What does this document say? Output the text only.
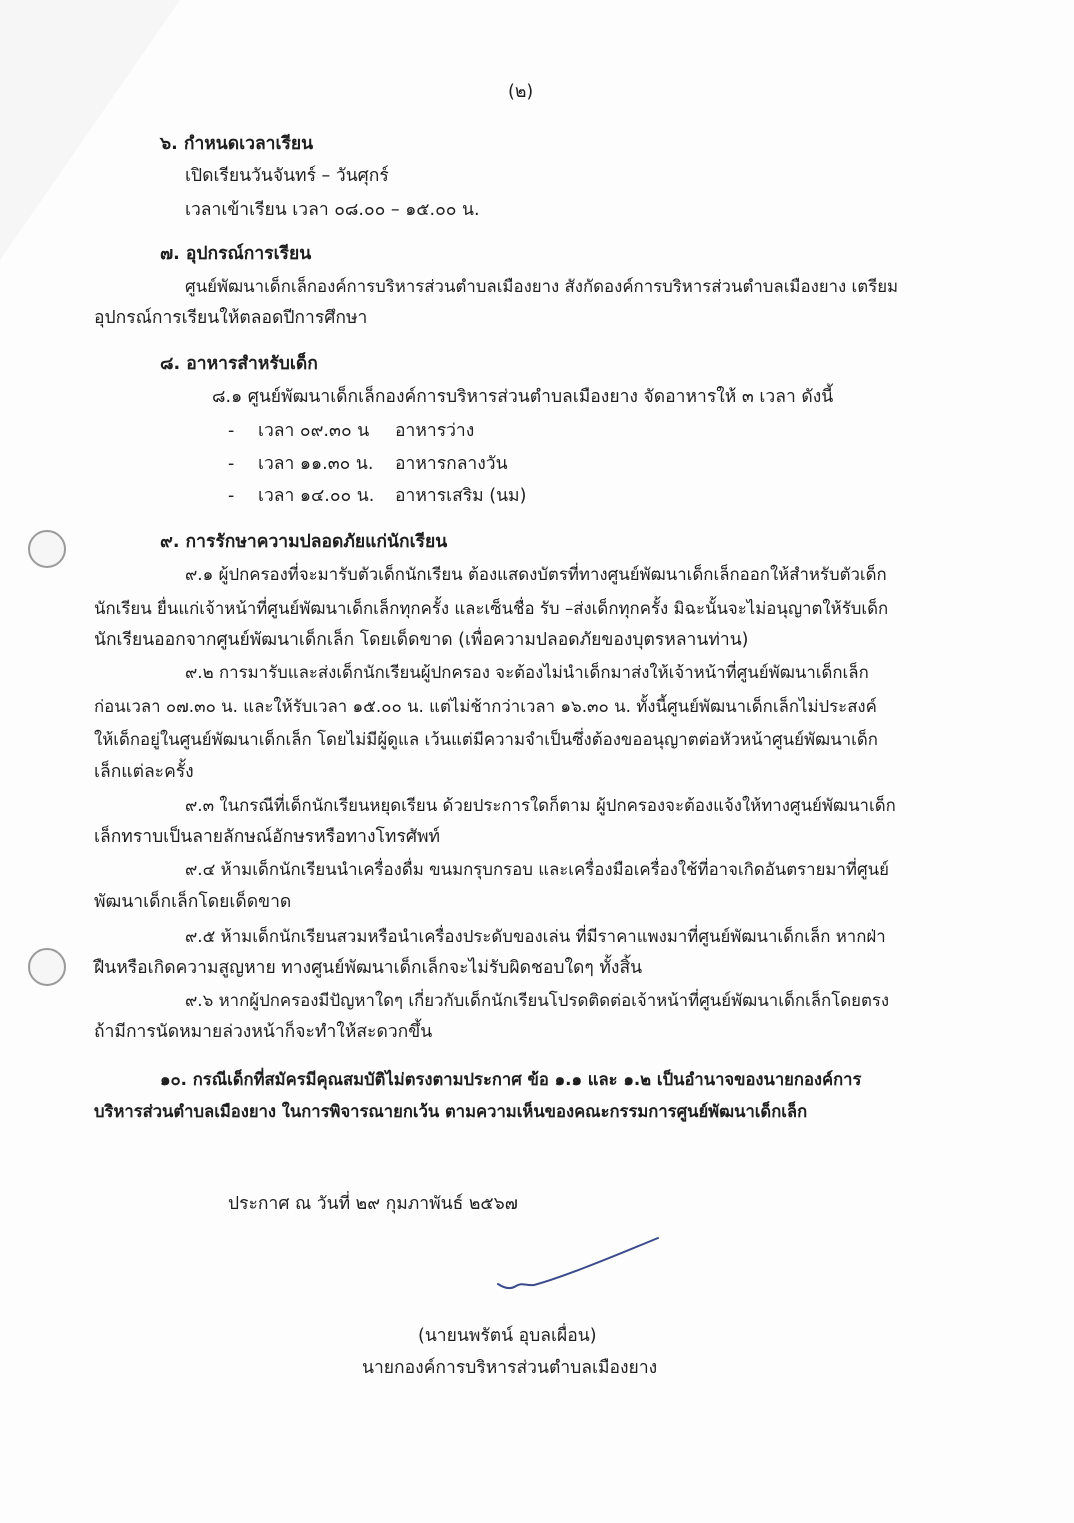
(๒)
๖. กำหนดเวลาเรียน
เปิดเรียนวันจันทร์ – วันศุกร์
เวลาเข้าเรียน เวลา ๐๘.๐๐ – ๑๕.๐๐ น.
๗. อุปกรณ์การเรียน
ศูนย์พัฒนาเด็กเล็กองค์การบริหารส่วนตำบลเมืองยาง สังกัดองค์การบริหารส่วนตำบลเมืองยาง เตรียม
อุปกรณ์การเรียนให้ตลอดปีการศึกษา
๘. อาหารสำหรับเด็ก
๘.๑ ศูนย์พัฒนาเด็กเล็กองค์การบริหารส่วนตำบลเมืองยาง จัดอาหารให้ ๓ เวลา ดังนี้
- เวลา ๐๙.๓๐ น อาหารว่าง
- เวลา ๑๑.๓๐ น. อาหารกลางวัน
- เวลา ๑๔.๐๐ น. อาหารเสริม (นม)
๙. การรักษาความปลอดภัยแก่นักเรียน
๙.๑ ผู้ปกครองที่จะมารับตัวเด็กนักเรียน ต้องแสดงบัตรที่ทางศูนย์พัฒนาเด็กเล็กออกให้สำหรับตัวเด็ก
นักเรียน ยื่นแก่เจ้าหน้าที่ศูนย์พัฒนาเด็กเล็กทุกครั้ง และเซ็นชื่อ รับ –ส่งเด็กทุกครั้ง มิฉะนั้นจะไม่อนุญาตให้รับเด็ก
นักเรียนออกจากศูนย์พัฒนาเด็กเล็ก โดยเด็ดขาด (เพื่อความปลอดภัยของบุตรหลานท่าน)
๙.๒ การมารับและส่งเด็กนักเรียนผู้ปกครอง จะต้องไม่นำเด็กมาส่งให้เจ้าหน้าที่ศูนย์พัฒนาเด็กเล็ก
ก่อนเวลา ๐๗.๓๐ น. และให้รับเวลา ๑๕.๐๐ น. แต่ไม่ช้ากว่าเวลา ๑๖.๓๐ น. ทั้งนี้ศูนย์พัฒนาเด็กเล็กไม่ประสงค์
ให้เด็กอยู่ในศูนย์พัฒนาเด็กเล็ก โดยไม่มีผู้ดูแล เว้นแต่มีความจำเป็นซึ่งต้องขออนุญาตต่อหัวหน้าศูนย์พัฒนาเด็ก
เล็กแต่ละครั้ง
๙.๓ ในกรณีที่เด็กนักเรียนหยุดเรียน ด้วยประการใดก็ตาม ผู้ปกครองจะต้องแจ้งให้ทางศูนย์พัฒนาเด็ก
เล็กทราบเป็นลายลักษณ์อักษรหรือทางโทรศัพท์
๙.๔ ห้ามเด็กนักเรียนนำเครื่องดื่ม ขนมกรุบกรอบ และเครื่องมือเครื่องใช้ที่อาจเกิดอันตรายมาที่ศูนย์
พัฒนาเด็กเล็กโดยเด็ดขาด
๙.๕ ห้ามเด็กนักเรียนสวมหรือนำเครื่องประดับของเล่น ที่มีราคาแพงมาที่ศูนย์พัฒนาเด็กเล็ก หากฝ่า
ฝืนหรือเกิดความสูญหาย ทางศูนย์พัฒนาเด็กเล็กจะไม่รับผิดชอบใดๆ ทั้งสิ้น
๙.๖ หากผู้ปกครองมีปัญหาใดๆ เกี่ยวกับเด็กนักเรียนโปรดติดต่อเจ้าหน้าที่ศูนย์พัฒนาเด็กเล็กโดยตรง
ถ้ามีการนัดหมายล่วงหน้าก็จะทำให้สะดวกขึ้น
๑๐. กรณีเด็กที่สมัครมีคุณสมบัติไม่ตรงตามประกาศ ข้อ ๑.๑ และ ๑.๒ เป็นอำนาจของนายกองค์การ
บริหารส่วนตำบลเมืองยาง ในการพิจารณายกเว้น ตามความเห็นของคณะกรรมการศูนย์พัฒนาเด็กเล็ก
ประกาศ ณ วันที่ ๒๙ กุมภาพันธ์ ๒๕๖๗
(นายนพรัตน์ อุบลเผื่อน)
นายกองค์การบริหารส่วนตำบลเมืองยาง
